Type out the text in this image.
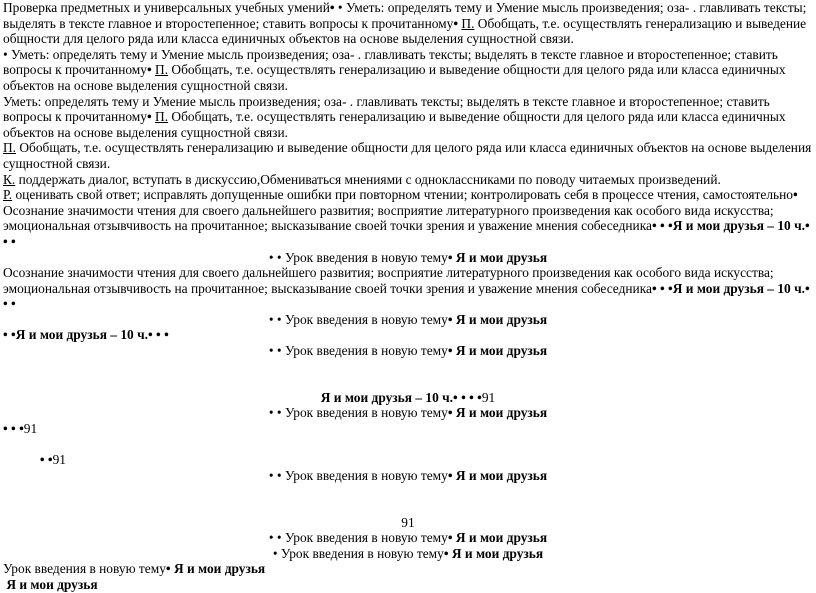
Проверка предметных и универсальных учебных умений• • Уметь: определять тему и Умение мысль произведения; оза- . главливать тексты; выделять в тексте главное и второстепенное; ставить вопросы к прочитанному• П. Обобщать, т.е. осуществлять генерализацию и выведение общности для целого ряда или класса единичных объектов на основе выделения сущностной связи.

• Уметь: определять тему и Умение мысль произведения; оза- . главливать тексты; выделять в тексте главное и второстепенное; ставить вопросы к прочитанному• П. Обобщать, т.е. осуществлять генерализацию и выведение общности для целого ряда или класса единичных объектов на основе выделения сущностной связи.

Уметь: определять тему и Умение мысль произведения; оза- . главливать тексты; выделять в тексте главное и второстепенное; ставить вопросы к прочитанному• П. Обобщать, т.е. осуществлять генерализацию и выведение общности для целого ряда или класса единичных объектов на основе выделения сущностной связи.

П. Обобщать, т.е. осуществлять генерализацию и выведение общности для целого ряда или класса единичных объектов на основе выделения сущностной связи.

К. поддержать диалог, вступать в дискуссию,Обмениваться мнениями с одноклассниками по поводу читаемых произведений.

Р. оценивать свой ответ; исправлять допущенные ошибки при повторном чтении; контролировать себя в процессе чтения, самостоятельно• Осознание значимости чтения для своего дальнейшего развития; восприятие литературного произведения как особого вида искусства; эмоциональная отзывчивость на прочитанное; высказывание своей точки зрения и уважение мнения собеседника• • •Я и мои друзья – 10 ч.• • •

• • Урок введения в новую тему• Я и мои друзья

Осознание значимости чтения для своего дальнейшего развития; восприятие литературного произведения как особого вида искусства; эмоциональная отзывчивость на прочитанное; высказывание своей точки зрения и уважение мнения собеседника• • •Я и мои друзья – 10 ч.• • •

• • Урок введения в новую тему• Я и мои друзья

• •Я и мои друзья – 10 ч.• • •

• • Урок введения в новую тему• Я и мои друзья

Я и мои друзья – 10 ч.• • • •91

• • Урок введения в новую тему• Я и мои друзья

• • •91

• •91

• • Урок введения в новую тему• Я и мои друзья

91

• • Урок введения в новую тему• Я и мои друзья

• Урок введения в новую тему• Я и мои друзья

Урок введения в новую тему• Я и мои друзья

Я и мои друзья
